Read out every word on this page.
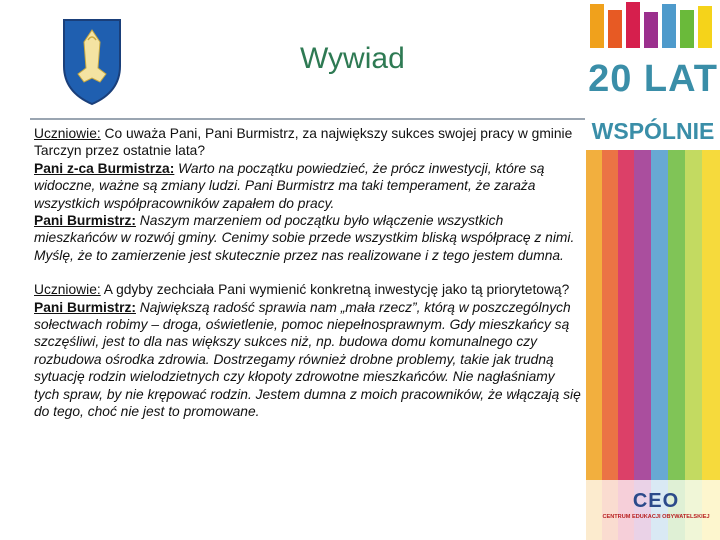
Wywiad

Uczniowie: Co uważa Pani, Pani Burmistrz, za największy sukces swojej pracy w gminie Tarczyn przez ostatnie lata?
Pani z-ca Burmistrza: Warto na początku powiedzieć, że prócz inwestycji, które są widoczne, ważne są zmiany ludzi. Pani Burmistrz ma taki temperament, że zaraża wszystkich współpracowników zapałem do pracy.
Pani Burmistrz: Naszym marzeniem od początku było włączenie wszystkich mieszkańców w rozwój gminy. Cenimy sobie przede wszystkim bliską współpracę z nimi. Myślę, że to zamierzenie jest skutecznie przez nas realizowane i z tego jestem dumna.

Uczniowie: A gdyby zechciała Pani wymienić konkretną inwestycję jako tą priorytetową?
Pani Burmistrz: Największą radość sprawia nam „mała rzecz”, którą w poszczególnych sołectwach robimy – droga, oświetlenie, pomoc niepełnosprawnym. Gdy mieszkańcy są szczęśliwi, jest to dla nas większy sukces niż, np. budowa domu komunalnego czy rozbudowa ośrodka zdrowia. Dostrzegamy również drobne problemy, takie jak trudną sytuację rodzin wielodzietnych czy kłopoty zdrowotne mieszkańców. Nie nagłaśniamy tych spraw, by nie krępować rodzin. Jestem dumna z moich pracowników, że włączają się do tego, choć nie jest to promowane.

20 LAT
WSPÓLNIE
CEO
CENTRUM EDUKACJI OBYWATELSKIEJ
